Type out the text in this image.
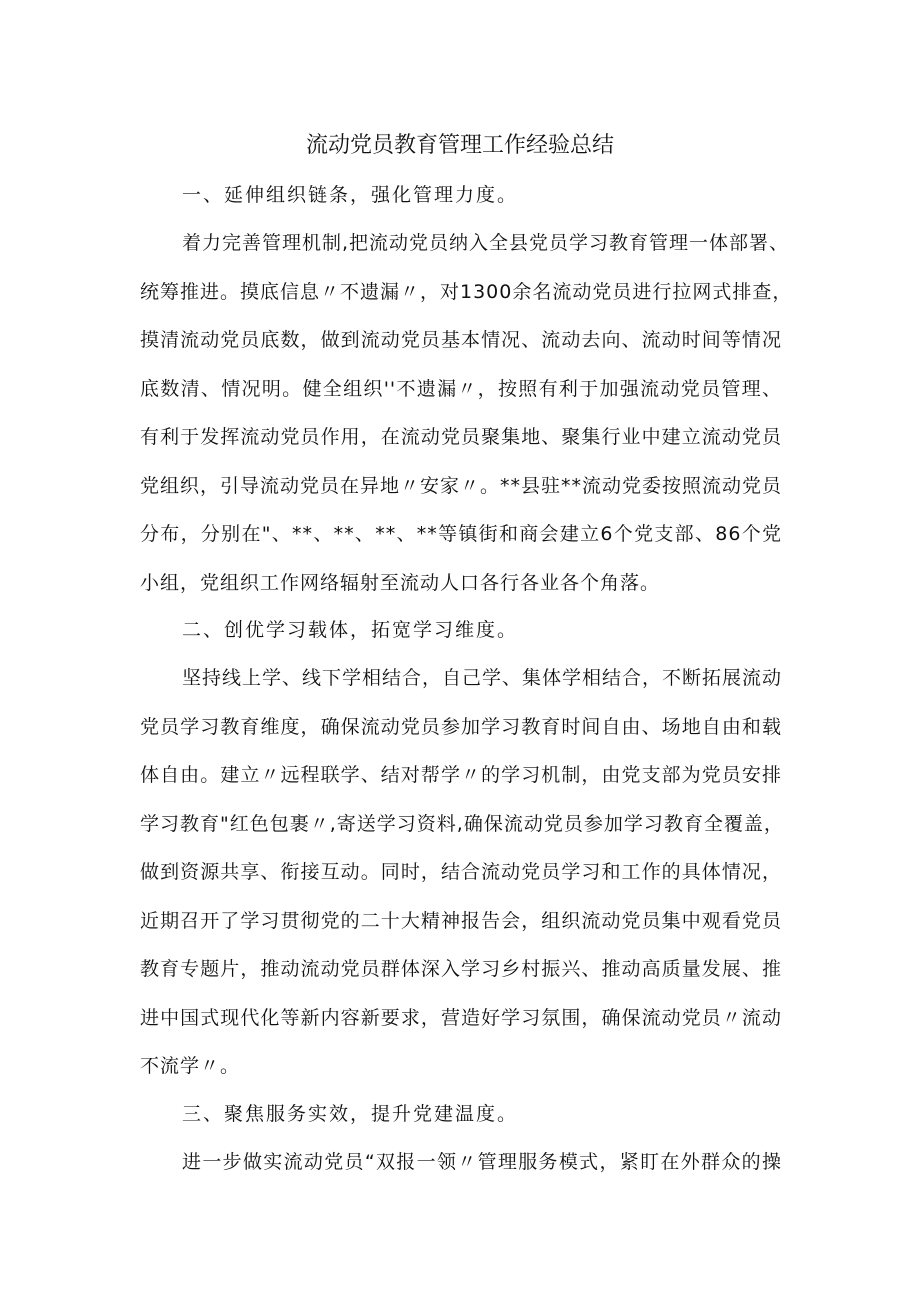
流动党员教育管理工作经验总结
一、延伸组织链条，强化管理力度。
着力完善管理机制,把流动党员纳入全县党员学习教育管理一体部署、
统筹推进。摸底信息〃不遗漏〃，对1300余名流动党员进行拉网式排查，
摸清流动党员底数，做到流动党员基本情况、流动去向、流动时间等情况
底数清、情况明。健全组织''不遗漏〃，按照有利于加强流动党员管理、
有利于发挥流动党员作用，在流动党员聚集地、聚集行业中建立流动党员
党组织，引导流动党员在异地〃安家〃。**县驻**流动党委按照流动党员
分布，分别在"、**、**、**、**等镇街和商会建立6个党支部、86个党
小组，党组织工作网络辐射至流动人口各行各业各个角落。
二、创优学习载体，拓宽学习维度。
坚持线上学、线下学相结合，自己学、集体学相结合，不断拓展流动
党员学习教育维度，确保流动党员参加学习教育时间自由、场地自由和载
体自由。建立〃远程联学、结对帮学〃的学习机制，由党支部为党员安排
学习教育"红色包裹〃,寄送学习资料,确保流动党员参加学习教育全覆盖，
做到资源共享、衔接互动。同时，结合流动党员学习和工作的具体情况，
近期召开了学习贯彻党的二十大精神报告会，组织流动党员集中观看党员
教育专题片，推动流动党员群体深入学习乡村振兴、推动高质量发展、推
进中国式现代化等新内容新要求，营造好学习氛围，确保流动党员〃流动
不流学〃。
三、聚焦服务实效，提升党建温度。
进一步做实流动党员“双报一领〃管理服务模式，紧盯在外群众的操
